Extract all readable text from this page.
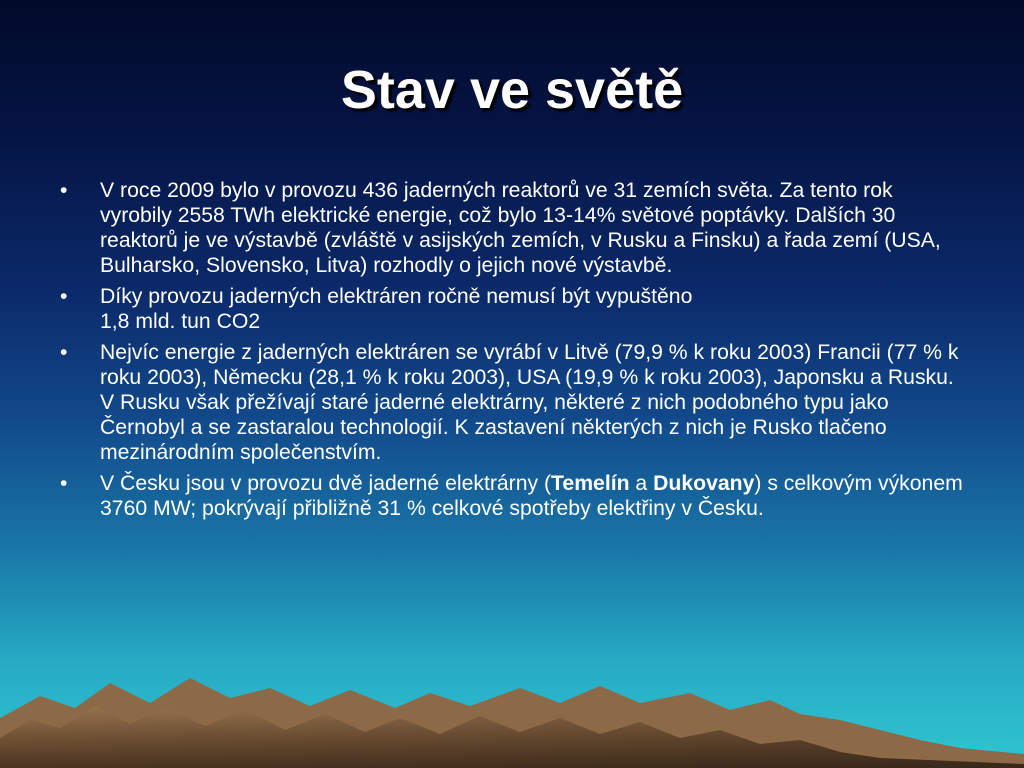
Stav ve světě
•	V roce 2009 bylo v provozu 436 jaderných reaktorů ve 31 zemích světa. Za tento rok vyrobily 2558 TWh elektrické energie, což bylo 13-14% světové poptávky. Dalších 30 reaktorů je ve výstavbě (zvláště v asijských zemích, v Rusku a Finsku) a řada zemí (USA, Bulharsko, Slovensko, Litva) rozhodly o jejich nové výstavbě.
•	Díky provozu jaderných elektráren ročně nemusí být vypuštěno
1,8 mld. tun CO2
•	Nejvíc energie z jaderných elektráren se vyrábí v Litvě (79,9 % k roku 2003) Francii (77 % k roku 2003), Německu (28,1 % k roku 2003), USA (19,9 % k roku 2003), Japonsku a Rusku. V Rusku však přežívají staré jaderné elektrárny, některé z nich podobného typu jako Černobyl a se zastaralou technologií. K zastavení některých z nich je Rusko tlačeno mezinárodním společenstvím.
•	V Česku jsou v provozu dvě jaderné elektrárny (Temelín a Dukovany) s celkovým výkonem 3760 MW; pokrývají přibližně 31 % celkové spotřeby elektřiny v Česku.
